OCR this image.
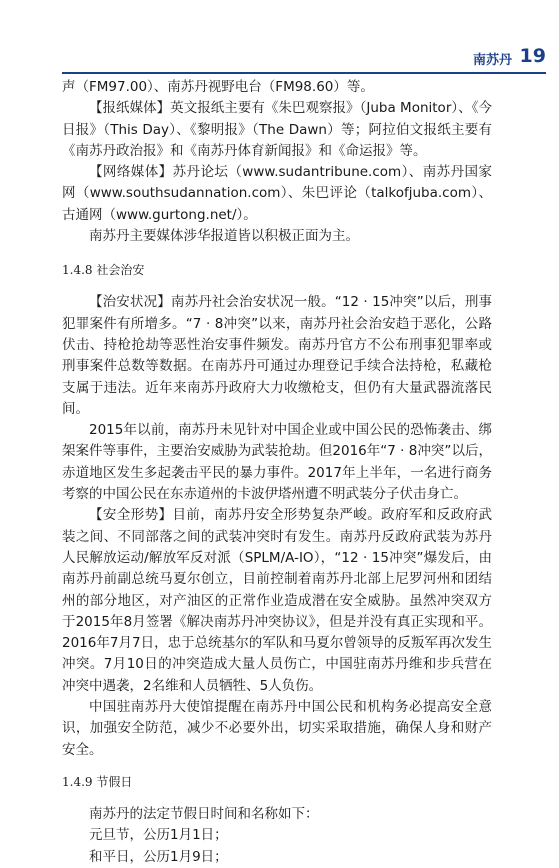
南苏丹 19

声（FM97.00）、南苏丹视野电台（FM98.60）等。

【报纸媒体】英文报纸主要有《朱巴观察报》（Juba Monitor）、《今日报》（This Day）、《黎明报》（The Dawn）等；阿拉伯文报纸主要有《南苏丹政治报》和《南苏丹体育新闻报》和《命运报》等。

【网络媒体】苏丹论坛（www.sudantribune.com）、南苏丹国家网（www.southsudannation.com）、朱巴评论（talkofjuba.com）、古通网（www.gurtong.net/）。

南苏丹主要媒体涉华报道皆以积极正面为主。

1.4.8 社会治安

【治安状况】南苏丹社会治安状况一般。“12 · 15冲突”以后，刑事犯罪案件有所增多。“7 · 8冲突”以来，南苏丹社会治安趋于恶化，公路伏击、持枪抢劫等恶性治安事件频发。南苏丹官方不公布刑事犯罪率或刑事案件总数等数据。在南苏丹可通过办理登记手续合法持枪，私藏枪支属于违法。近年来南苏丹政府大力收缴枪支，但仍有大量武器流落民间。

2015年以前，南苏丹未见针对中国企业或中国公民的恐怖袭击、绑架案件等事件，主要治安威胁为武装抢劫。但2016年“7 · 8冲突”以后，赤道地区发生多起袭击平民的暴力事件。2017年上半年，一名进行商务考察的中国公民在东赤道州的卡波伊塔州遭不明武装分子伏击身亡。

【安全形势】目前，南苏丹安全形势复杂严峻。政府军和反政府武装之间、不同部落之间的武装冲突时有发生。南苏丹反政府武装为苏丹人民解放运动/解放军反对派（SPLM/A-IO），“12 · 15冲突”爆发后，由南苏丹前副总统马夏尔创立，目前控制着南苏丹北部上尼罗河州和团结州的部分地区，对产油区的正常作业造成潜在安全威胁。虽然冲突双方于2015年8月签署《解决南苏丹冲突协议》，但是并没有真正实现和平。2016年7月7日，忠于总统基尔的军队和马夏尔曾领导的反叛军再次发生冲突。7月10日的冲突造成大量人员伤亡，中国驻南苏丹维和步兵营在冲突中遇袭，2名维和人员牺牲、5人负伤。

中国驻南苏丹大使馆提醒在南苏丹中国公民和机构务必提高安全意识，加强安全防范，减少不必要外出，切实采取措施，确保人身和财产安全。

1.4.9 节假日

南苏丹的法定节假日时间和名称如下：

元旦节，公历1月1日；

和平日，公历1月9日；
